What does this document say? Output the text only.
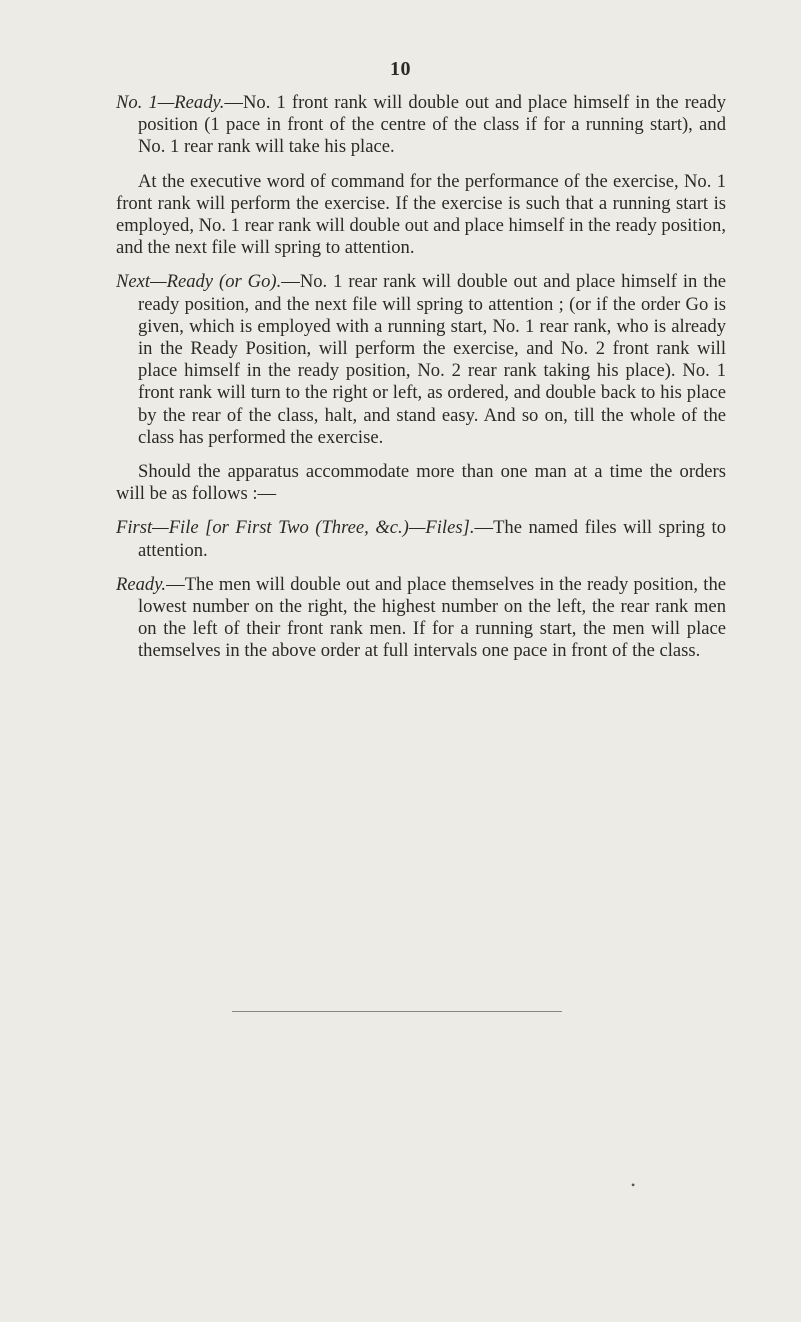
10

No. 1—Ready.—No. 1 front rank will double out and place himself in the ready position (1 pace in front of the centre of the class if for a running start), and No. 1 rear rank will take his place.

At the executive word of command for the performance of the exercise, No. 1 front rank will perform the exercise. If the exercise is such that a running start is employed, No. 1 rear rank will double out and place himself in the ready position, and the next file will spring to attention.

Next—Ready (or Go).—No. 1 rear rank will double out and place himself in the ready position, and the next file will spring to attention ; (or if the order Go is given, which is employed with a running start, No. 1 rear rank, who is already in the Ready Position, will perform the exercise, and No. 2 front rank will place himself in the ready position, No. 2 rear rank taking his place). No. 1 front rank will turn to the right or left, as ordered, and double back to his place by the rear of the class, halt, and stand easy. And so on, till the whole of the class has performed the exercise.

Should the apparatus accommodate more than one man at a time the orders will be as follows :—

First—File [or First Two (Three, &c.)—Files].—The named files will spring to attention.

Ready.—The men will double out and place themselves in the ready position, the lowest number on the right, the highest number on the left, the rear rank men on the left of their front rank men. If for a running start, the men will place themselves in the above order at full intervals one pace in front of the class.

•
